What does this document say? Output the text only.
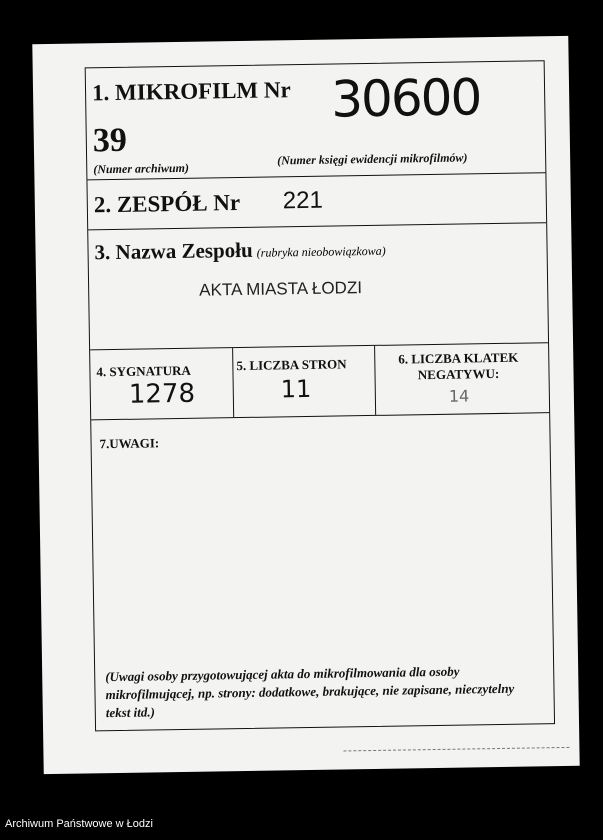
1. MIKROFILM Nr
39
30600
(Numer archiwum)
(Numer księgi ewidencji mikrofilmów)
2. ZESPÓŁ Nr 221
3. Nazwa Zespołu (rubryka nieobowiązkowa)
AKTA MIASTA ŁODZI
4. SYGNATURA
1278
5. LICZBA STRON
11
6. LICZBA KLATEK NEGATYWU:
14
7.UWAGI:
(Uwagi osoby przygotowującej akta do mikrofilmowania dla osoby mikrofilmującej, np. strony: dodatkowe, brakujące, nie zapisane, nieczytelny tekst itd.)
Archiwum Państwowe w Łodzi
